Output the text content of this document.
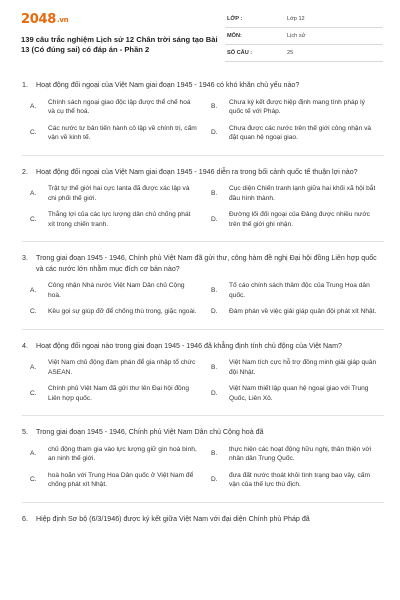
2048.vn
139 câu trắc nghiệm Lịch sử 12 Chân trời sáng tạo Bài 13 (Có đúng sai) có đáp án - Phần 2
LỚP :	Lớp 12
MÔN:	Lịch sử
SỐ CÂU :	25
1.	Hoạt động đối ngoại của Việt Nam giai đoạn 1945 - 1946 có khó khăn chủ yếu nào?
A.
Chính sách ngoại giao độc lập được thể chế hoá và cụ thể hoá.
B.
Chưa ký kết được hiệp định mang tính pháp lý quốc tế với Pháp.
C.
Các nước tư bản tiến hành cô lập về chính trị, cấm vận về kinh tế.
D.
Chưa được các nước trên thế giới công nhận và đặt quan hệ ngoại giao.
2.	Hoạt động đối ngoại của Việt Nam giai đoạn 1945 - 1946 diễn ra trong bối cảnh quốc tế thuận lợi nào?
A.
Trật tự thế giới hai cực Ianta đã được xác lập và chi phối thế giới.
B.
Cục diện Chiến tranh lạnh giữa hai khối xã hội bắt đầu hình thành.
C.
Thắng lợi của các lực lượng dân chủ chống phát xít trong chiến tranh.
D.
Đường lối đối ngoại của Đảng được nhiều nước trên thế giới ghi nhận.
3.	Trong giai đoạn 1945 - 1946, Chính phủ Việt Nam đã gửi thư, công hàm đề nghị Đại hội đồng Liên hợp quốc và các nước lớn nhằm mục đích cơ bản nào?
A.
Công nhận Nhà nước Việt Nam Dân chủ Cộng hoà.
B.
Tố cáo chính sách thâm độc của Trung Hoa dân quốc.
C.	Kêu gọi sự giúp đỡ để chống thù trong, giặc ngoài.	D.	Đàm phán về việc giải giáp quân đội phát xít Nhật.
4.	Hoạt động đối ngoại nào trong giai đoạn 1945 - 1946 đã khẳng định tính chủ động của Việt Nam?
A.
Việt Nam chủ động đàm phán để gia nhập tổ chức ASEAN.
B.
Việt Nam tích cực hỗ trợ đồng minh giải giáp quân đội Nhật.
C.
Chính phủ Việt Nam đã gửi thư lên Đại hội đồng Liên hợp quốc.
D.
Việt Nam thiết lập quan hệ ngoại giao với Trung Quốc, Liên Xô.
5.	Trong giai đoạn 1945 - 1946, Chính phủ Việt Nam Dân chủ Cộng hoà đã
A.
chủ động tham gia vào lực lượng giữ gìn hoà bình, an ninh thế giới.
B.
thực hiện các hoạt động hữu nghị, thân thiện với nhân dân Trung Quốc.
C.
hoà hoãn với Trung Hoa Dân quốc ở Việt Nam để chống phát xít Nhật.
D.
đưa đất nước thoát khỏi tình trạng bao vây, cấm vận của thế lực thù địch.
6.	Hiệp định Sơ bộ (6/3/1946) được ký kết giữa Việt Nam với đại diện Chính phủ Pháp đã
